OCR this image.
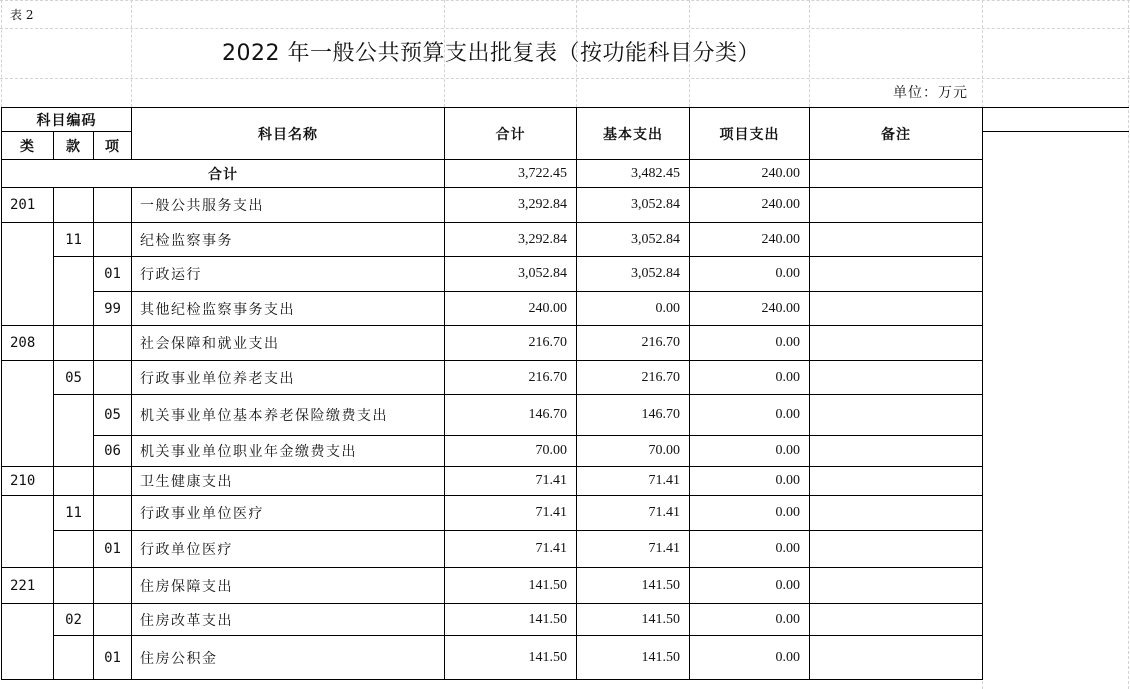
表 2
2022 年一般公共预算支出批复表（按功能科目分类）
单位：万元
科目编码			科目名称	合计	基本支出	项目支出	备注
类	款	项					
合计				3,722.45	3,482.45	240.00	
201			一般公共服务支出	3,292.84	3,052.84	240.00	
	11		纪检监察事务	3,292.84	3,052.84	240.00	
		01	行政运行	3,052.84	3,052.84	0.00	
		99	其他纪检监察事务支出	240.00	0.00	240.00	
208			社会保障和就业支出	216.70	216.70	0.00	
	05		行政事业单位养老支出	216.70	216.70	0.00	
		05	机关事业单位基本养老保险缴费支出	146.70	146.70	0.00	
		06	机关事业单位职业年金缴费支出	70.00	70.00	0.00	
210			卫生健康支出	71.41	71.41	0.00	
	11		行政事业单位医疗	71.41	71.41	0.00	
		01	行政单位医疗	71.41	71.41	0.00	
221			住房保障支出	141.50	141.50	0.00	
	02		住房改革支出	141.50	141.50	0.00	
		01	住房公积金	141.50	141.50	0.00	
